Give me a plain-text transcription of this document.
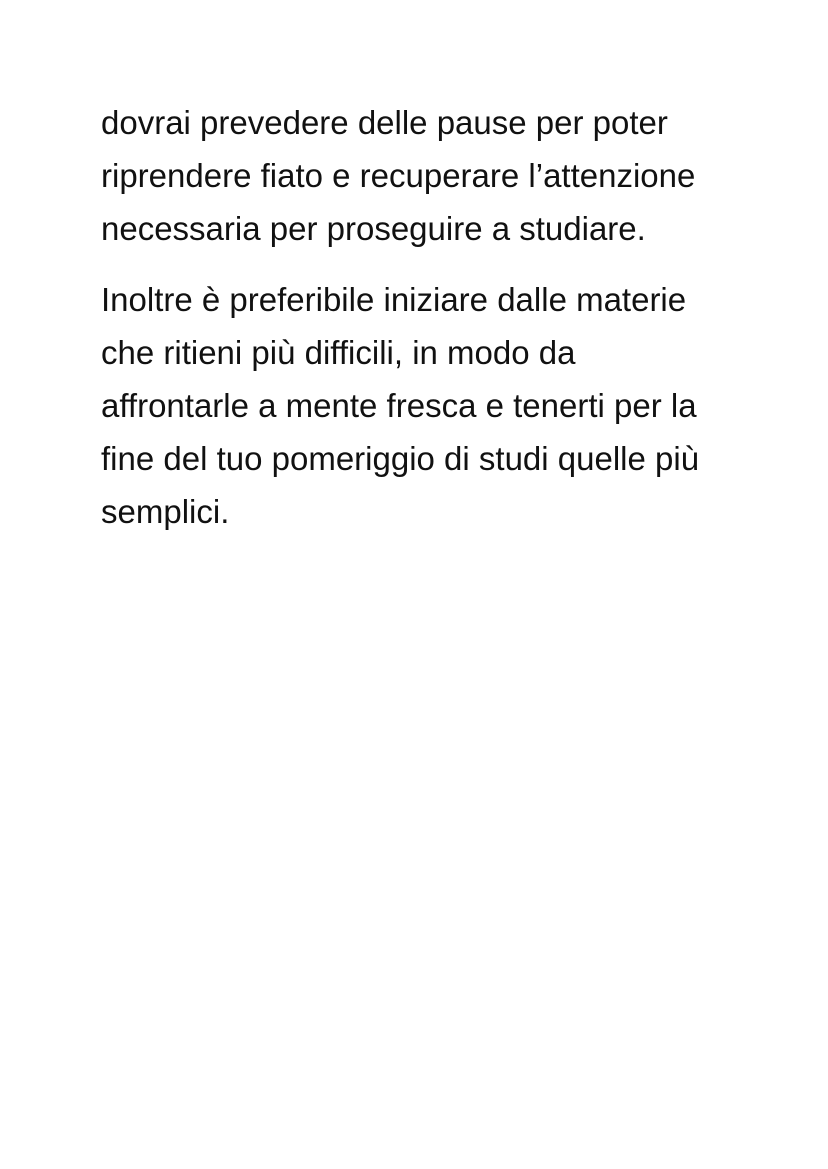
dovrai prevedere delle pause per poter
riprendere fiato e recuperare l’attenzione
necessaria per proseguire a studiare.

Inoltre è preferibile iniziare dalle materie
che ritieni più difficili, in modo da
affrontarle a mente fresca e tenerti per la
fine del tuo pomeriggio di studi quelle più
semplici.
